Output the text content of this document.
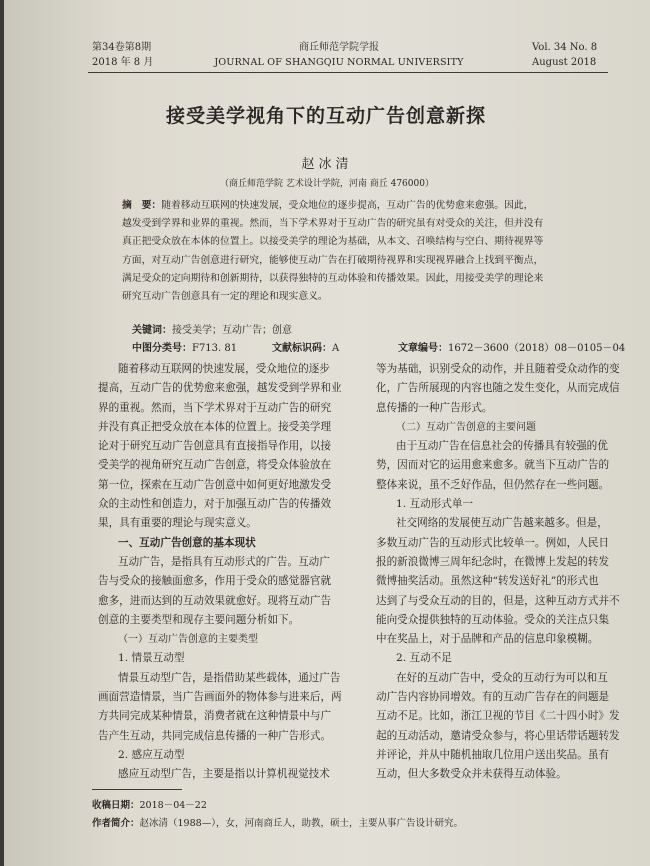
第34卷第8期
2018 年 8 月
商丘师范学院学报
JOURNAL OF SHANGQIU NORMAL UNIVERSITY
Vol. 34 No. 8
August 2018
接受美学视角下的互动广告创意新探
赵冰清
（商丘师范学院 艺术设计学院，河南 商丘 476000）
摘　要：随着移动互联网的快速发展，受众地位的逐步提高，互动广告的优势愈来愈强。因此，
越发受到学界和业界的重视。然而，当下学术界对于互动广告的研究虽有对受众的关注，但并没有
真正把受众放在本体的位置上。以接受美学的理论为基础，从本文、召唤结构与空白、期待视界等
方面，对互动广告创意进行研究，能够使互动广告在打破期待视界和实现视界融合上找到平衡点，
满足受众的定向期待和创新期待，以获得独特的互动体验和传播效果。因此，用接受美学的理论来
研究互动广告创意具有一定的理论和现实意义。
关键词：接受美学；互动广告；创意
中图分类号：F713. 81	文献标识码：A	文章编号：1672－3600（2018）08－0105－04
随着移动互联网的快速发展，受众地位的逐步
提高，互动广告的优势愈来愈强，越发受到学界和业
界的重视。然而，当下学术界对于互动广告的研究
并没有真正把受众放在本体的位置上。接受美学理
论对于研究互动广告创意具有直接指导作用，以接
受美学的视角研究互动广告创意，将受众体验放在
第一位，探索在互动广告创意中如何更好地激发受
众的主动性和创造力，对于加强互动广告的传播效
果，具有重要的理论与现实意义。
一、互动广告创意的基本现状
互动广告，是指具有互动形式的广告。互动广
告与受众的接触面愈多，作用于受众的感觉器官就
愈多，进而达到的互动效果就愈好。现将互动广告
创意的主要类型和现存主要问题分析如下。
（一）互动广告创意的主要类型
1. 情景互动型
情景互动型广告，是指借助某些载体，通过广告
画面营造情景，当广告画面外的物体参与进来后，两
方共同完成某种情景，消费者就在这种情景中与广
告产生互动，共同完成信息传播的一种广告形式。
2. 感应互动型
感应互动型广告，主要是指以计算机视觉技术
等为基础，识别受众的动作，并且随着受众动作的变
化，广告所展现的内容也随之发生变化，从而完成信
息传播的一种广告形式。
（二）互动广告创意的主要问题
由于互动广告在信息社会的传播具有较强的优
势，因而对它的运用愈来愈多。就当下互动广告的
整体来说，虽不乏好作品，但仍然存在一些问题。
1. 互动形式单一
社交网络的发展使互动广告越来越多。但是，
多数互动广告的互动形式比较单一。例如，人民日
报的新浪微博三周年纪念时，在微博上发起的转发
微博抽奖活动。虽然这种“转发送好礼”的形式也
达到了与受众互动的目的，但是，这种互动方式并不
能向受众提供独特的互动体验。受众的关注点只集
中在奖品上，对于品牌和产品的信息印象模糊。
2. 互动不足
在好的互动广告中，受众的互动行为可以和互
动广告内容协同增效。有的互动广告存在的问题是
互动不足。比如，浙江卫视的节目《二十四小时》发
起的互动活动，邀请受众参与，将心里话带话题转发
并评论，并从中随机抽取几位用户送出奖品。虽有
互动，但大多数受众并未获得互动体验。
收稿日期：2018－04－22
作者简介：赵冰清（1988—），女，河南商丘人，助教，硕士，主要从事广告设计研究。
